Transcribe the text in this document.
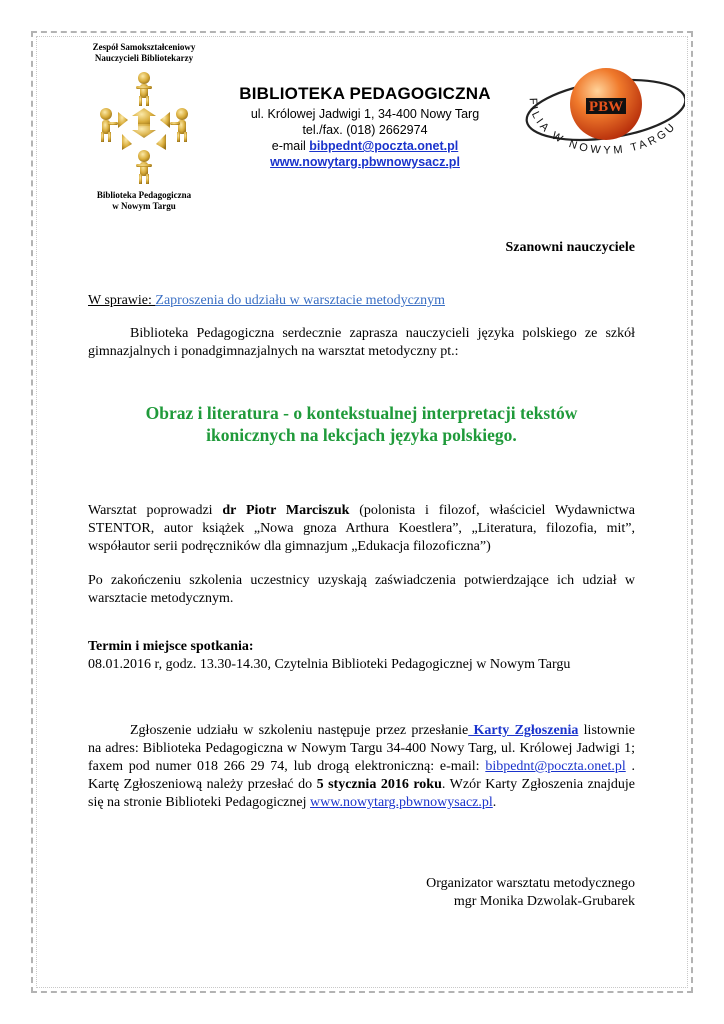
Zespół Samokształceniowy
Nauczycieli Bibliotekarzy
Biblioteka Pedagogiczna
w Nowym Targu
BIBLIOTEKA PEDAGOGICZNA
ul. Królowej Jadwigi 1, 34-400 Nowy Targ
tel./fax. (018) 2662974
e-mail bibpednt@poczta.onet.pl
www.nowytarg.pbwnowysacz.pl
PBW
FILIA W NOWYM TARGU
Szanowni nauczyciele
W sprawie: Zaproszenia do udziału w warsztacie metodycznym
Biblioteka Pedagogiczna serdecznie zaprasza nauczycieli języka polskiego ze szkół gimnazjalnych i ponadgimnazjalnych na warsztat metodyczny pt.:
Obraz i literatura - o kontekstualnej interpretacji tekstów
ikonicznych na lekcjach języka polskiego.
Warsztat poprowadzi dr Piotr Marciszuk (polonista i filozof, właściciel Wydawnictwa STENTOR, autor książek „Nowa gnoza Arthura Koestlera”, „Literatura, filozofia, mit”, współautor serii podręczników dla gimnazjum „Edukacja filozoficzna”)
Po zakończeniu szkolenia uczestnicy uzyskają zaświadczenia potwierdzające ich udział w warsztacie metodycznym.
Termin i miejsce spotkania:
08.01.2016 r, godz. 13.30-14.30, Czytelnia Biblioteki Pedagogicznej w Nowym Targu
Zgłoszenie udziału w szkoleniu następuje przez przesłanie Karty Zgłoszenia listownie na adres: Biblioteka Pedagogiczna w Nowym Targu 34-400 Nowy Targ, ul. Królowej Jadwigi 1; faxem pod numer 018 266 29 74, lub drogą elektroniczną: e-mail: bibpednt@poczta.onet.pl . Kartę Zgłoszeniową należy przesłać do 5 stycznia 2016 roku. Wzór Karty Zgłoszenia znajduje się na stronie Biblioteki Pedagogicznej www.nowytarg.pbwnowysacz.pl.
Organizator warsztatu metodycznego
mgr Monika Dzwolak-Grubarek
